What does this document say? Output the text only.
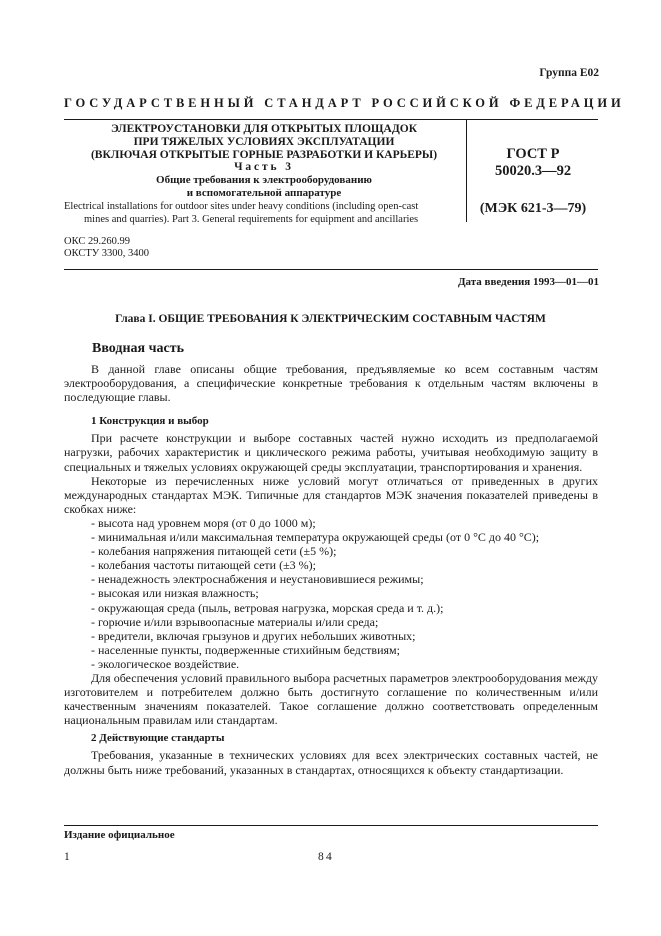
Группа Е02
ГОСУДАРСТВЕННЫЙ СТАНДАРТ РОССИЙСКОЙ ФЕДЕРАЦИИ
ЭЛЕКТРОУСТАНОВКИ ДЛЯ ОТКРЫТЫХ ПЛОЩАДОК
ПРИ ТЯЖЕЛЫХ УСЛОВИЯХ ЭКСПЛУАТАЦИИ
(ВКЛЮЧАЯ ОТКРЫТЫЕ ГОРНЫЕ РАЗРАБОТКИ И КАРЬЕРЫ)
Часть 3
Общие требования к электрооборудованию
и вспомогательной аппаратуре
Electrical installations for outdoor sites under heavy conditions (including open-cast
mines and quarries). Part 3. General requirements for equipment and ancillaries
ГОСТ Р
50020.3—92
(МЭК 621-3—79)
ОКС 29.260.99
ОКСТУ 3300, 3400
Дата введения 1993—01—01
Глава I. ОБЩИЕ ТРЕБОВАНИЯ К ЭЛЕКТРИЧЕСКИМ СОСТАВНЫМ ЧАСТЯМ
Вводная часть

В данной главе описаны общие требования, предъявляемые ко всем составным частям электрооборудования, а специфические конкретные требования к отдельным частям включены в последующие главы.

1 Конструкция и выбор

При расчете конструкции и выборе составных частей нужно исходить из предполагаемой нагрузки, рабочих характеристик и циклического режима работы, учитывая необходимую защиту в специальных и тяжелых условиях окружающей среды эксплуатации, транспортирования и хранения.

Некоторые из перечисленных ниже условий могут отличаться от приведенных в других международных стандартах МЭК. Типичные для стандартов МЭК значения показателей приведены в скобках ниже:

- высота над уровнем моря (от 0 до 1000 м);
- минимальная и/или максимальная температура окружающей среды (от 0 °С до 40 °С);
- колебания напряжения питающей сети (±5 %);
- колебания частоты питающей сети (±3 %);
- ненадежность электроснабжения и неустановившиеся режимы;
- высокая или низкая влажность;
- окружающая среда (пыль, ветровая нагрузка, морская среда и т. д.);
- горючие и/или взрывоопасные материалы и/или среда;
- вредители, включая грызунов и других небольших животных;
- населенные пункты, подверженные стихийным бедствиям;
- экологическое воздействие.

Для обеспечения условий правильного выбора расчетных параметров электрооборудования между изготовителем и потребителем должно быть достигнуто соглашение по количественным и/или качественным значениям показателей. Такое соглашение должно соответствовать определенным национальным правилам или стандартам.

2 Действующие стандарты

Требования, указанные в технических условиях для всех электрических составных частей, не должны быть ниже требований, указанных в стандартах, относящихся к объекту стандартизации.

Издание официальное
1	84
